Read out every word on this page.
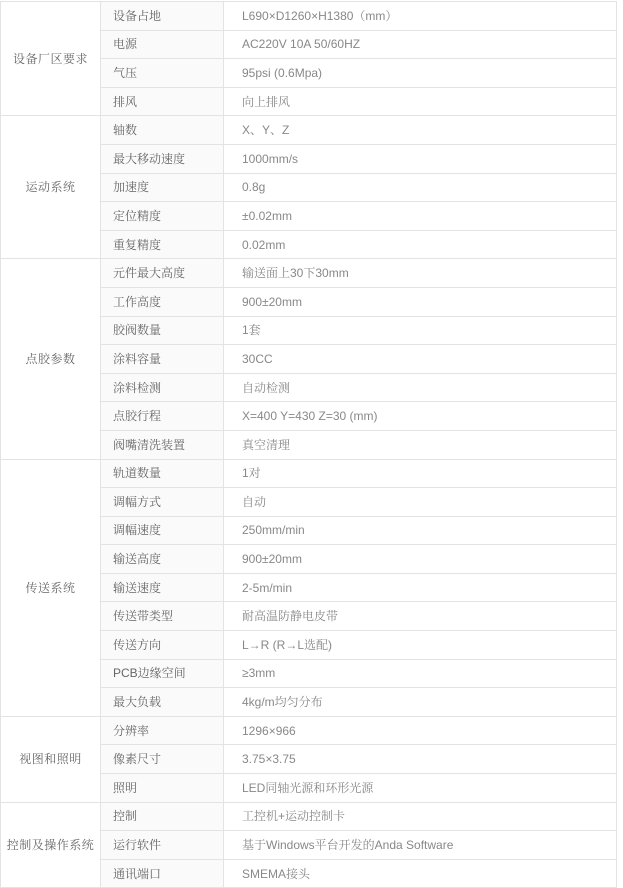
设备厂区要求	设备占地	L690×D1260×H1380（mm）
	电源	AC220V 10A 50/60HZ
	气压	95psi (0.6Mpa)
	排风	向上排风
运动系统	轴数	X、Y、Z
	最大移动速度	1000mm/s
	加速度	0.8g
	定位精度	±0.02mm
	重复精度	0.02mm
点胶参数	元件最大高度	输送面上30下30mm
	工作高度	900±20mm
	胶阀数量	1套
	涂料容量	30CC
	涂料检测	自动检测
	点胶行程	X=400 Y=430 Z=30 (mm)
	阀嘴清洗装置	真空清理
传送系统	轨道数量	1对
	调幅方式	自动
	调幅速度	250mm/min
	输送高度	900±20mm
	输送速度	2-5m/min
	传送带类型	耐高温防静电皮带
	传送方向	L→R (R→L选配)
	PCB边缘空间	≥3mm
	最大负载	4kg/m均匀分布
视图和照明	分辨率	1296×966
	像素尺寸	3.75×3.75
	照明	LED同轴光源和环形光源
控制及操作系统	控制	工控机+运动控制卡
	运行软件	基于Windows平台开发的Anda Software
	通讯端口	SMEMA接头
